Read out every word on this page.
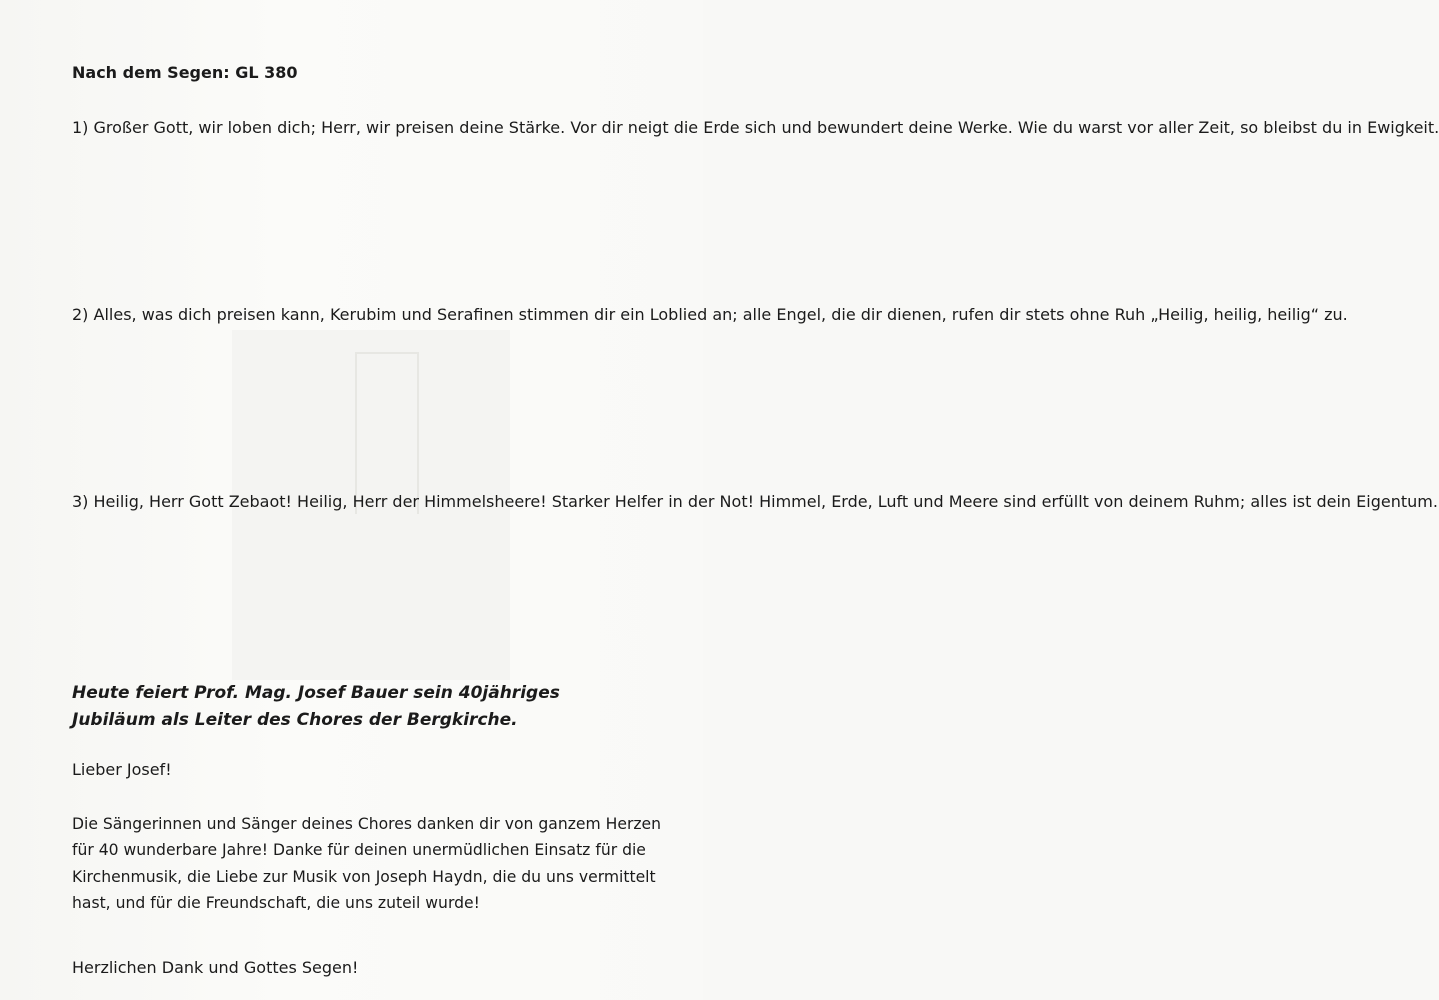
Nach dem Segen: GL 380
1) Großer Gott, wir loben dich; Herr, wir preisen deine Stärke. Vor dir neigt die Erde sich und bewundert deine Werke. Wie du warst vor aller Zeit, so bleibst du in Ewigkeit.
2) Alles, was dich preisen kann, Kerubim und Serafinen stimmen dir ein Loblied an; alle Engel, die dir dienen, rufen dir stets ohne Ruh „Heilig, heilig, heilig“ zu.
3) Heilig, Herr Gott Zebaot! Heilig, Herr der Himmelsheere! Starker Helfer in der Not! Himmel, Erde, Luft und Meere sind erfüllt von deinem Ruhm; alles ist dein Eigentum.
Heute feiert Prof. Mag. Josef Bauer sein 40jähriges
Jubiläum als Leiter des Chores der Bergkirche.
Lieber Josef!
Die Sängerinnen und Sänger deines Chores danken dir von ganzem Herzen für 40 wunderbare Jahre! Danke für deinen unermüdlichen Einsatz für die Kirchenmusik, die Liebe zur Musik von Joseph Haydn, die du uns vermittelt hast, und für die Freundschaft, die uns zuteil wurde!
Herzlichen Dank und Gottes Segen!
